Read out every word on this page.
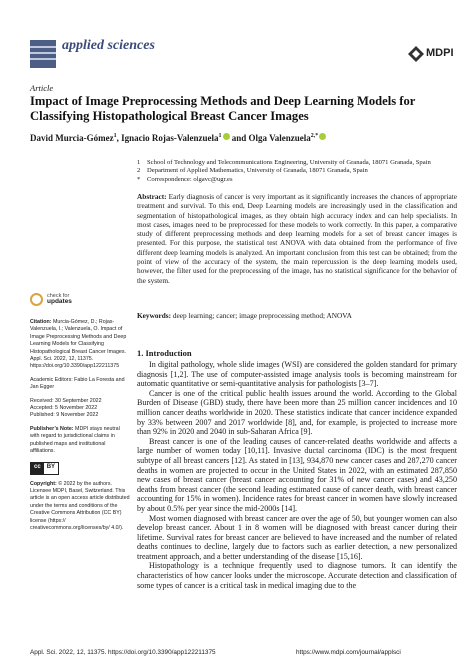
applied sciences	MDPI
Article
Impact of Image Preprocessing Methods and Deep Learning Models for Classifying Histopathological Breast Cancer Images
David Murcia-Gómez$^1$, Ignacio Rojas-Valenzuela$^1$ and Olga Valenzuela$^{2,*}$
1	School of Technology and Telecommunications Engineering, University of Granada, 18071 Granada, Spain
2	Department of Applied Mathematics, University of Granada, 18071 Granada, Spain
*	Correspondence: olgavc@ugr.es
Abstract: Early diagnosis of cancer is very important as it significantly increases the chances of appropriate treatment and survival. To this end, Deep Learning models are increasingly used in the classification and segmentation of histopathological images, as they obtain high accuracy index and can help specialists. In most cases, images need to be preprocessed for these models to work correctly. In this paper, a comparative study of different preprocessing methods and deep learning models for a set of breast cancer images is presented. For this purpose, the statistical test ANOVA with data obtained from the performance of five different deep learning models is analyzed. An important conclusion from this test can be obtained; from the point of view of the accuracy of the system, the main repercussion is the deep learning models used, however, the filter used for the preprocessing of the image, has no statistical significance for the behavior of the system.
Keywords: deep learning; cancer; image preprocessing method; ANOVA
check for
updates

Citation: Murcia-Gómez, D.; Rojas-Valenzuela, I.; Valenzuela, O. Impact of Image Preprocessing Methods and Deep Learning Models for Classifying Histopathological Breast Cancer Images. Appl. Sci. 2022, 12, 11375. https://doi.org/10.3390/app122211375

Academic Editors: Fabio La Foresta and Jan Egger

Received: 30 September 2022
Accepted: 5 November 2022
Published: 9 November 2022

Publisher’s Note: MDPI stays neutral with regard to jurisdictional claims in published maps and institutional affiliations.

cc	BY

Copyright: © 2022 by the authors. Licensee MDPI, Basel, Switzerland. This article is an open access article distributed under the terms and conditions of the Creative Commons Attribution (CC BY) license (https:// creativecommons.org/licenses/by/ 4.0/).

1. Introduction

In digital pathology, whole slide images (WSI) are considered the golden standard for primary diagnosis [1,2]. The use of computer-assisted image analysis tools is becoming mainstream for automatic quantitative or semi-quantitative analysis for pathologists [3–7].

Cancer is one of the critical public health issues around the world. According to the Global Burden of Disease (GBD) study, there have been more than 25 million cancer incidences and 10 million cancer deaths worldwide in 2020. These statistics indicate that cancer incidence expanded by 33% between 2007 and 2017 worldwide [8], and, for example, is projected to increase more than 92% in 2020 and 2040 in sub-Saharan Africa [9].

Breast cancer is one of the leading causes of cancer-related deaths worldwide and affects a large number of women today [10,11]. Invasive ductal carcinoma (IDC) is the most frequent subtype of all breast cancers [12]. As stated in [13], 934,870 new cancer cases and 287,270 cancer deaths in women are projected to occur in the United States in 2022, with an estimated 287,850 new cases of breast cancer (breast cancer accounting for 31% of new cancer cases) and 43,250 deaths from breast cancer (the second leading estimated cause of cancer death, with breast cancer accounting for 15% in women). Incidence rates for breast cancer in women have slowly increased by about 0.5% per year since the mid-2000s [14].

Most women diagnosed with breast cancer are over the age of 50, but younger women can also develop breast cancer. About 1 in 8 women will be diagnosed with breast cancer during their lifetime. Survival rates for breast cancer are believed to have increased and the number of related deaths continues to decline, largely due to factors such as earlier detection, a new personalized treatment approach, and a better understanding of the disease [15,16].

Histopathology is a technique frequently used to diagnose tumors. It can identify the characteristics of how cancer looks under the microscope. Accurate detection and classification of some types of cancer is a critical task in medical imaging due to the

Appl. Sci. 2022, 12, 11375. https://doi.org/10.3390/app122211375	https://www.mdpi.com/journal/applsci
